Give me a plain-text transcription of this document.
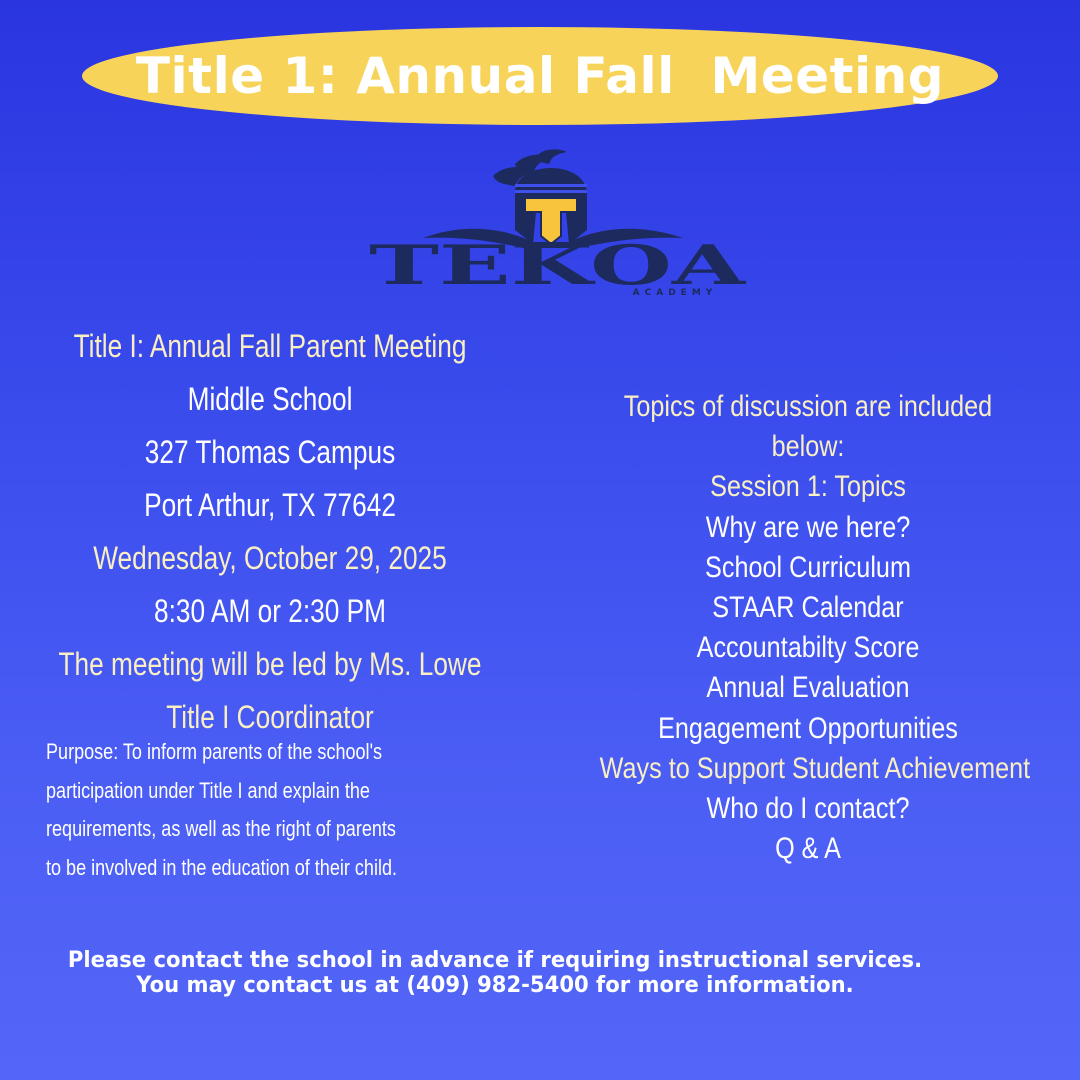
Title 1: Annual Fall  Meeting
TEKOA
ACADEMY
Title I: Annual Fall Parent Meeting
Middle School
327 Thomas Campus
Port Arthur, TX 77642
Wednesday, October 29, 2025
8:30 AM or 2:30 PM
The meeting will be led by Ms. Lowe
Title I Coordinator
Purpose: To inform parents of the school's
participation under Title I and explain the
requirements, as well as the right of parents
to be involved in the education of their child.
Topics of discussion are included
below:
Session 1: Topics
Why are we here?
School Curriculum
STAAR Calendar
Accountabilty Score
Annual Evaluation
Engagement Opportunities
Ways to Support Student Achievement
Who do I contact?
Q & A
Please contact the school in advance if requiring instructional services.
You may contact us at (409) 982-5400 for more information.
